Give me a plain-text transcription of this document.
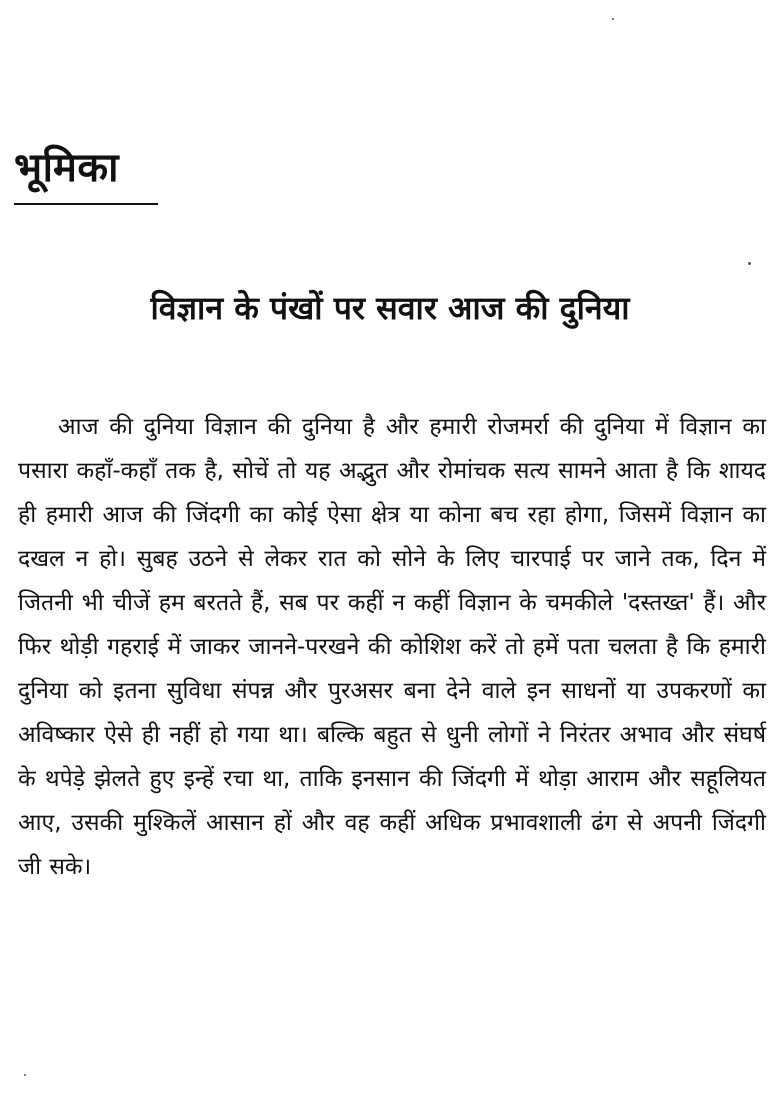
भूमिका
विज्ञान के पंखों पर सवार आज की दुनिया

आज की दुनिया विज्ञान की दुनिया है और हमारी रोजमर्रा की दुनिया में विज्ञान का पसारा कहाँ-कहाँ तक है, सोचें तो यह अद्भुत और रोमांचक सत्य सामने आता है कि शायद ही हमारी आज की जिंदगी का कोई ऐसा क्षेत्र या कोना बच रहा होगा, जिसमें विज्ञान का दखल न हो। सुबह उठने से लेकर रात को सोने के लिए चारपाई पर जाने तक, दिन में जितनी भी चीजें हम बरतते हैं, सब पर कहीं न कहीं विज्ञान के चमकीले 'दस्तख्त' हैं। और फिर थोड़ी गहराई में जाकर जानने-परखने की कोशिश करें तो हमें पता चलता है कि हमारी दुनिया को इतना सुविधा संपन्न और पुरअसर बना देने वाले इन साधनों या उपकरणों का अविष्कार ऐसे ही नहीं हो गया था। बल्कि बहुत से धुनी लोगों ने निरंतर अभाव और संघर्ष के थपेड़े झेलते हुए इन्हें रचा था, ताकि इनसान की जिंदगी में थोड़ा आराम और सहूलियत आए, उसकी मुश्किलें आसान हों और वह कहीं अधिक प्रभावशाली ढंग से अपनी जिंदगी जी सके।
